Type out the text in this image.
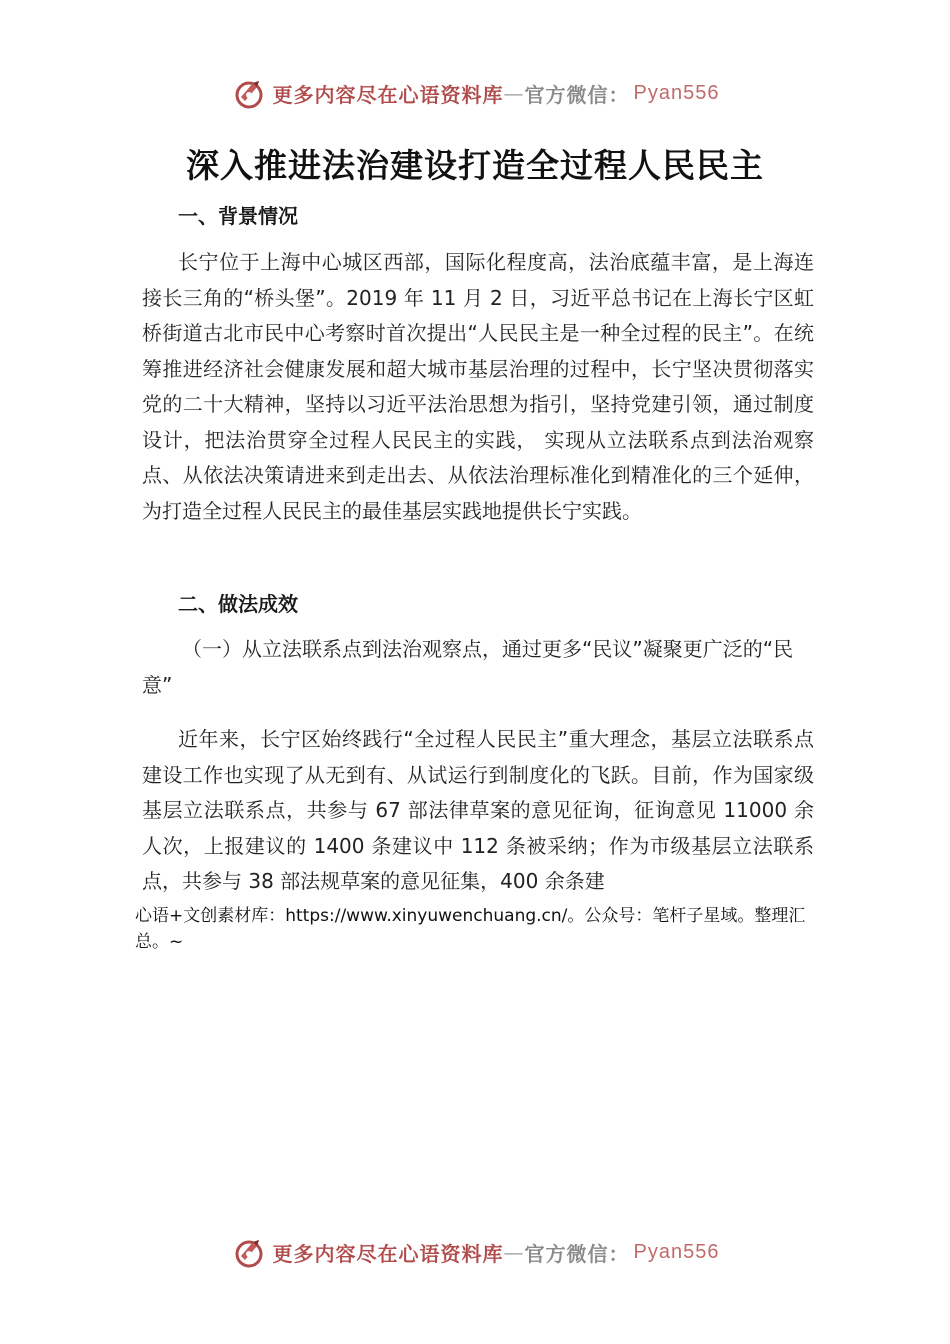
更多内容尽在心语资料库 — 官方微信： Pyan556
深入推进法治建设打造全过程人民民主
一、背景情况

长宁位于上海中心城区西部，国际化程度高，法治底蕴丰富，是上海连接长三角的“桥头堡”。2019 年 11 月 2 日，习近平总书记在上海长宁区虹桥街道古北市民中心考察时首次提出“人民民主是一种全过程的民主”。在统筹推进经济社会健康发展和超大城市基层治理的过程中，长宁坚决贯彻落实党的二十大精神，坚持以习近平法治思想为指引，坚持党建引领，通过制度设计，把法治贯穿全过程人民民主的实践， 实现从立法联系点到法治观察点、从依法决策请进来到走出去、从依法治理标准化到精准化的三个延伸，为打造全过程人民民主的最佳基层实践地提供长宁实践。

二、做法成效

（一）从立法联系点到法治观察点，通过更多“民议”凝聚更广泛的“民意”

近年来，长宁区始终践行“全过程人民民主”重大理念，基层立法联系点建设工作也实现了从无到有、从试运行到制度化的飞跃。目前，作为国家级基层立法联系点，共参与 67 部法律草案的意见征询，征询意见 11000 余人次，上报建议的 1400 条建议中 112 条被采纳；作为市级基层立法联系点，共参与 38 部法规草案的意见征集，400 余条建

心语+文创素材库：https://www.xinyuwenchuang.cn/。公众号：笔杆子星域。整理汇总。~

更多内容尽在心语资料库 — 官方微信： Pyan556
